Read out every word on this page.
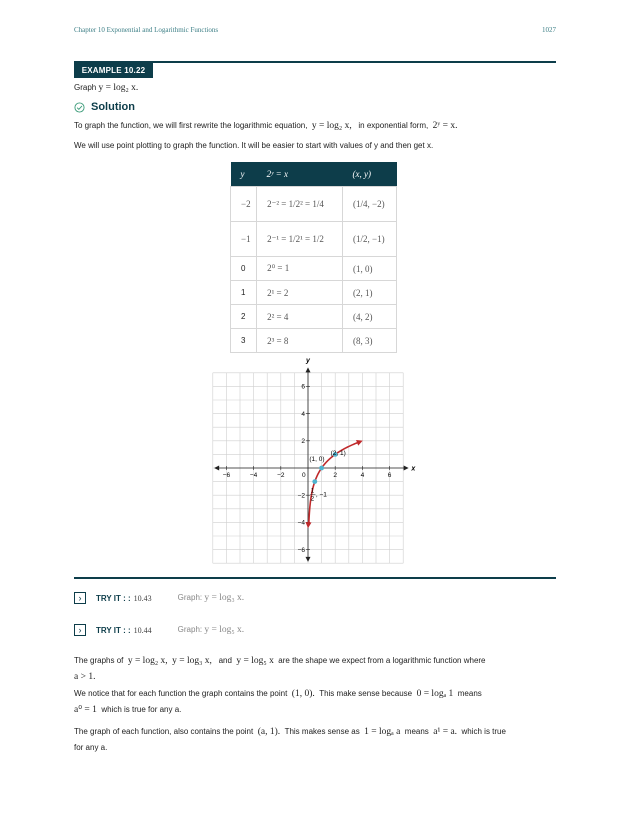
Chapter 10 Exponential and Logarithmic Functions	1027
EXAMPLE 10.22
Graph y = log₂ x.
Solution
To graph the function, we will first rewrite the logarithmic equation, y = log₂ x, in exponential form, 2ʸ = x.
We will use point plotting to graph the function. It will be easier to start with values of y and then get x.
y	2ʸ = x	(x, y)
−2	2⁻² = 1/2² = 1/4	(1/4, −2)
−1	2⁻¹ = 1/2¹ = 1/2	(1/2, −1)
0	2⁰ = 1	(1, 0)
1	2¹ = 2	(2, 1)
2	2² = 4	(4, 2)
3	2³ = 8	(8, 3)
−6	−4	−2	2	4	6
6
4
2
−2
−4
−6
x
y
0
(1, 0)
(2, 1)
1
2
, −1
›	TRY IT : : 10.43	Graph: y = log₃ x.
›	TRY IT : : 10.44	Graph: y = log₅ x.
The graphs of y = log₂ x, y = log₃ x, and y = log₅ x are the shape we expect from a logarithmic function where
a > 1.
We notice that for each function the graph contains the point (1, 0). This make sense because 0 = logₐ 1 means
a⁰ = 1 which is true for any a.
The graph of each function, also contains the point (a, 1). This makes sense as 1 = logₐ a means a¹ = a. which is true
for any a.
